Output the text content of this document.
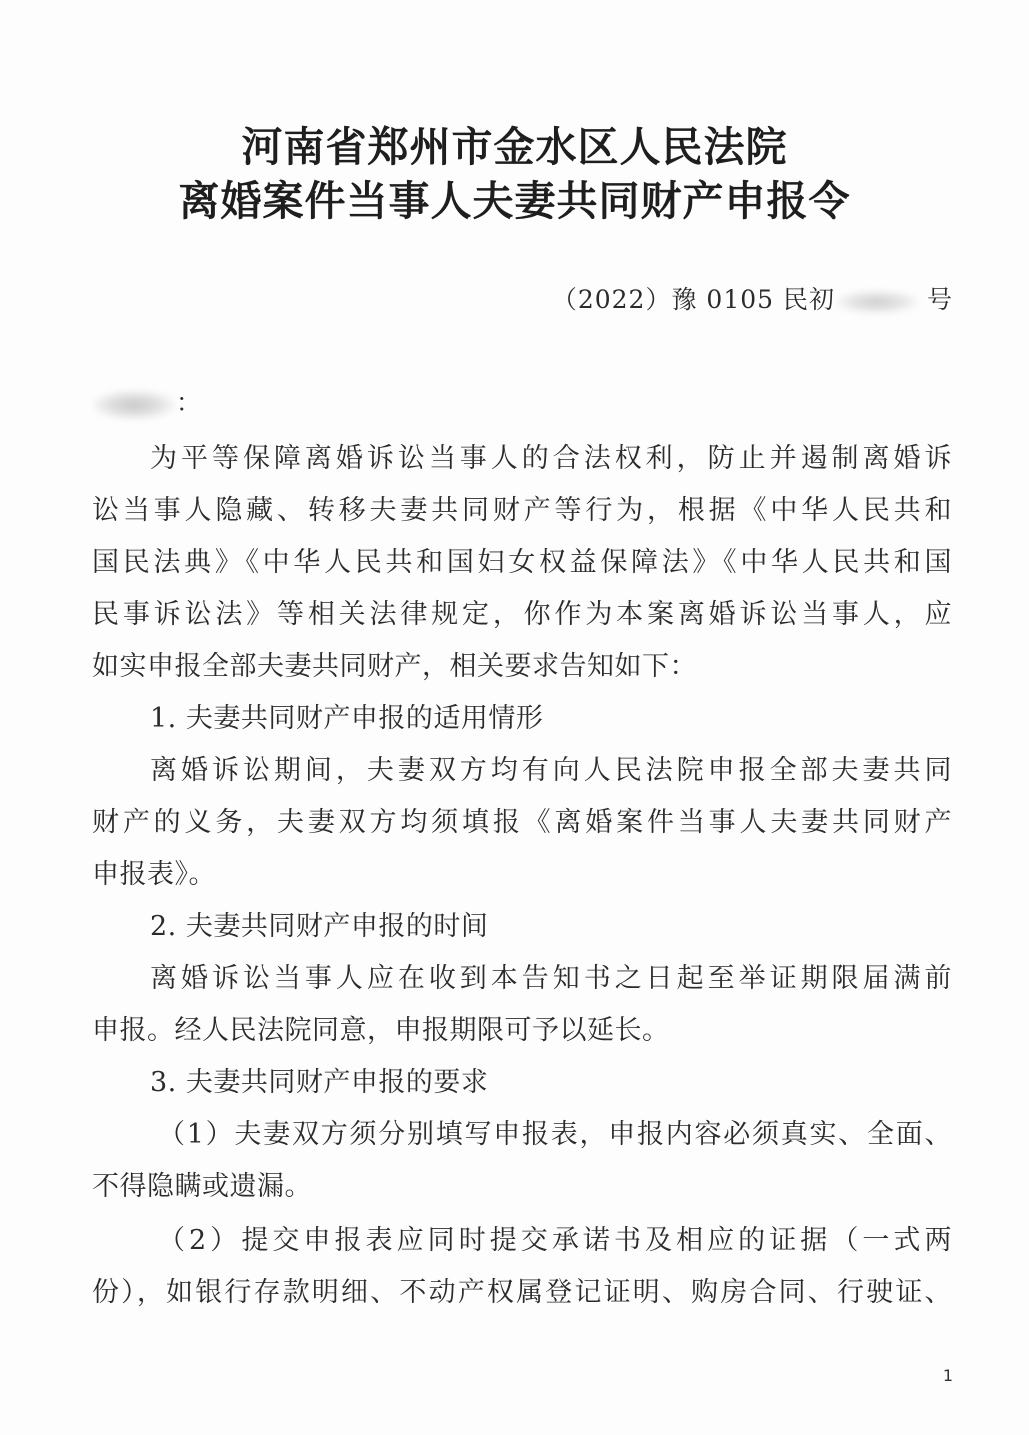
河南省郑州市金水区人民法院
离婚案件当事人夫妻共同财产申报令
（2022）豫 0105 民初	号
：
为平等保障离婚诉讼当事人的合法权利，防止并遏制离婚诉
讼当事人隐藏、转移夫妻共同财产等行为，根据《中华人民共和
国民法典》《中华人民共和国妇女权益保障法》《中华人民共和国
民事诉讼法》等相关法律规定，你作为本案离婚诉讼当事人，应
如实申报全部夫妻共同财产，相关要求告知如下：
1. 夫妻共同财产申报的适用情形
离婚诉讼期间，夫妻双方均有向人民法院申报全部夫妻共同
财产的义务，夫妻双方均须填报《离婚案件当事人夫妻共同财产
申报表》。
2. 夫妻共同财产申报的时间
离婚诉讼当事人应在收到本告知书之日起至举证期限届满前
申报。经人民法院同意，申报期限可予以延长。
3. 夫妻共同财产申报的要求
（1）夫妻双方须分别填写申报表，申报内容必须真实、全面、
不得隐瞒或遗漏。
（2）提交申报表应同时提交承诺书及相应的证据（一式两
份），如银行存款明细、不动产权属登记证明、购房合同、行驶证、
1
